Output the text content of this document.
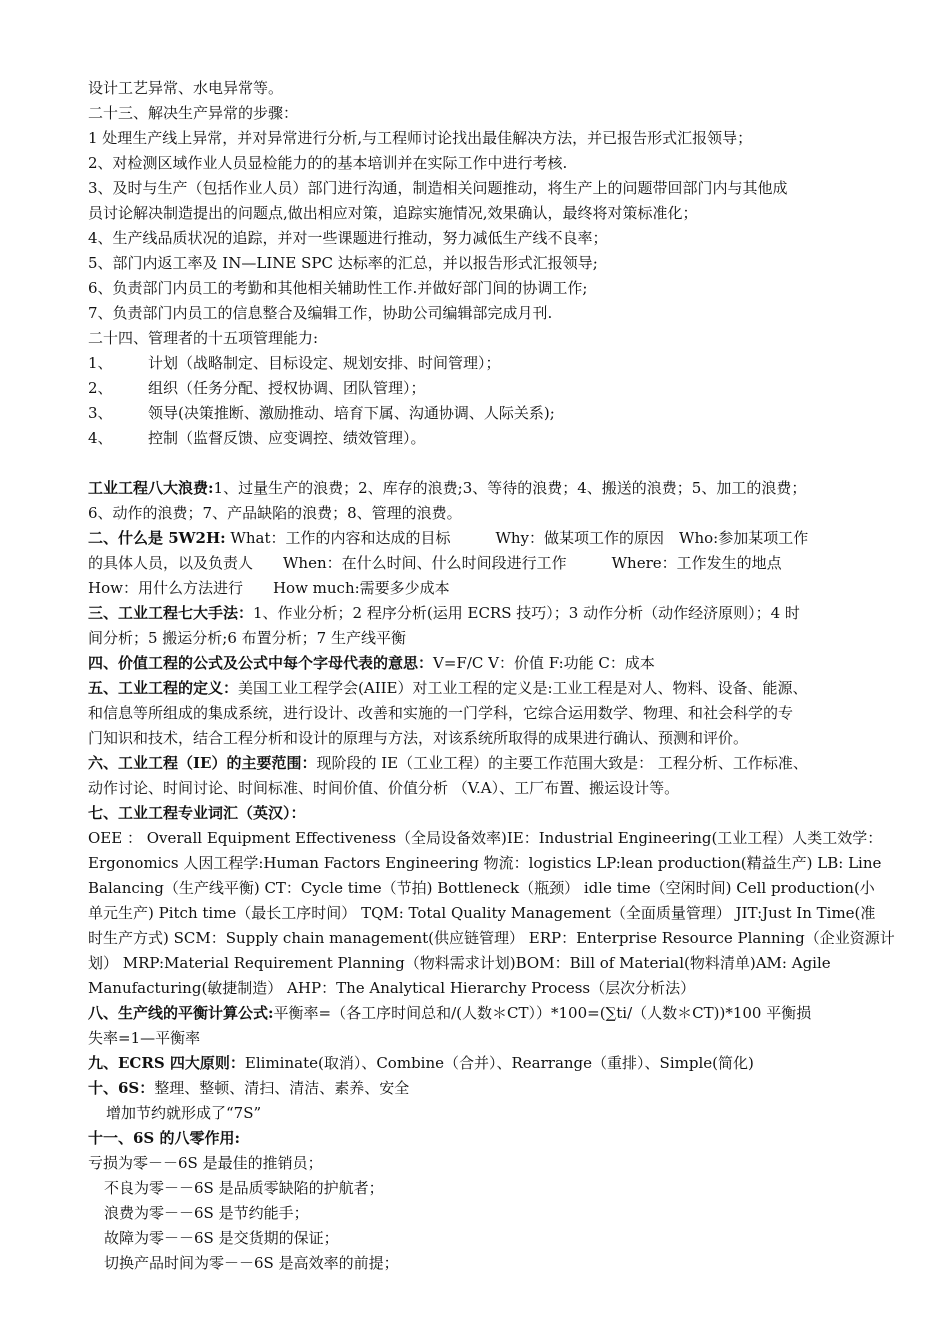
设计工艺异常、水电异常等。
二十三、解决生产异常的步骤：
1 处理生产线上异常，并对异常进行分析,与工程师讨论找出最佳解决方法，并已报告形式汇报领导；
2、对检测区域作业人员显检能力的的基本培训并在实际工作中进行考核.
3、及时与生产（包括作业人员）部门进行沟通，制造相关问题推动，将生产上的问题带回部门内与其他成
员讨论解决制造提出的问题点,做出相应对策，追踪实施情况,效果确认，最终将对策标准化；
4、生产线品质状况的追踪，并对一些课题进行推动，努力减低生产线不良率；
5、部门内返工率及 IN—LINE SPC 达标率的汇总，并以报告形式汇报领导;
6、负责部门内员工的考勤和其他相关辅助性工作.并做好部门间的协调工作;
7、负责部门内员工的信息整合及编辑工作，协助公司编辑部完成月刊.
二十四、管理者的十五项管理能力:
1、 计划（战略制定、目标设定、规划安排、时间管理）；
2、 组织（任务分配、授权协调、团队管理）；
3、 领导(决策推断、激励推动、培育下属、沟通协调、人际关系);
4、 控制（监督反馈、应变调控、绩效管理）。
工业工程八大浪费:1、过量生产的浪费；2、库存的浪费;3、等待的浪费；4、搬送的浪费；5、加工的浪费；
6、动作的浪费；7、产品缺陷的浪费；8、管理的浪费。
二、什么是 5W2H: What：工作的内容和达成的目标　　　Why：做某项工作的原因　Who:参加某项工作
的具体人员，以及负责人　　When：在什么时间、什么时间段进行工作　　　Where：工作发生的地点
How：用什么方法进行　　How much:需要多少成本
三、工业工程七大手法：1、作业分析；2 程序分析(运用 ECRS 技巧）；3 动作分析（动作经济原则）；4 时
间分析；5 搬运分析;6 布置分析；7 生产线平衡
四、价值工程的公式及公式中每个字母代表的意思：V=F/C V：价值 F:功能 C：成本
五、工业工程的定义：美国工业工程学会(AIIE）对工业工程的定义是:工业工程是对人、物料、设备、能源、
和信息等所组成的集成系统，进行设计、改善和实施的一门学科，它综合运用数学、物理、和社会科学的专
门知识和技术，结合工程分析和设计的原理与方法，对该系统所取得的成果进行确认、预测和评价。
六、工业工程（IE）的主要范围：现阶段的 IE（工业工程）的主要工作范围大致是： 工程分析、工作标准、
动作讨论、时间讨论、时间标准、时间价值、价值分析 （V.A）、工厂布置、搬运设计等。
七、工业工程专业词汇（英汉）：
OEE ： Overall Equipment Effectiveness（全局设备效率)IE：Industrial Engineering(工业工程）人类工效学：
Ergonomics 人因工程学:Human Factors Engineering 物流：logistics LP:lean production(精益生产) LB: Line
Balancing（生产线平衡) CT：Cycle time（节拍) Bottleneck（瓶颈） idle time（空闲时间) Cell production(小
单元生产) Pitch time（最长工序时间） TQM: Total Quality Management（全面质量管理） JIT:Just In Time(准
时生产方式) SCM：Supply chain management(供应链管理） ERP：Enterprise Resource Planning（企业资源计
划） MRP:Material Requirement Planning（物料需求计划)BOM：Bill of Material(物料清单)AM: Agile
Manufacturing(敏捷制造） AHP：The Analytical Hierarchy Process（层次分析法）
八、生产线的平衡计算公式:平衡率=（各工序时间总和/(人数＊CT））*100=(∑ti/（人数＊CT))*100 平衡损
失率=1—平衡率
九、ECRS 四大原则：Eliminate(取消）、Combine（合并）、Rearrange（重排）、Simple(简化)
十、6S：整理、整顿、清扫、清洁、素养、安全
增加节约就形成了“7S”
十一、6S 的八零作用:
亏损为零－－6S 是最佳的推销员；
不良为零－－6S 是品质零缺陷的护航者；
浪费为零－－6S 是节约能手；
故障为零－－6S 是交货期的保证；
切换产品时间为零－－6S 是高效率的前提；
